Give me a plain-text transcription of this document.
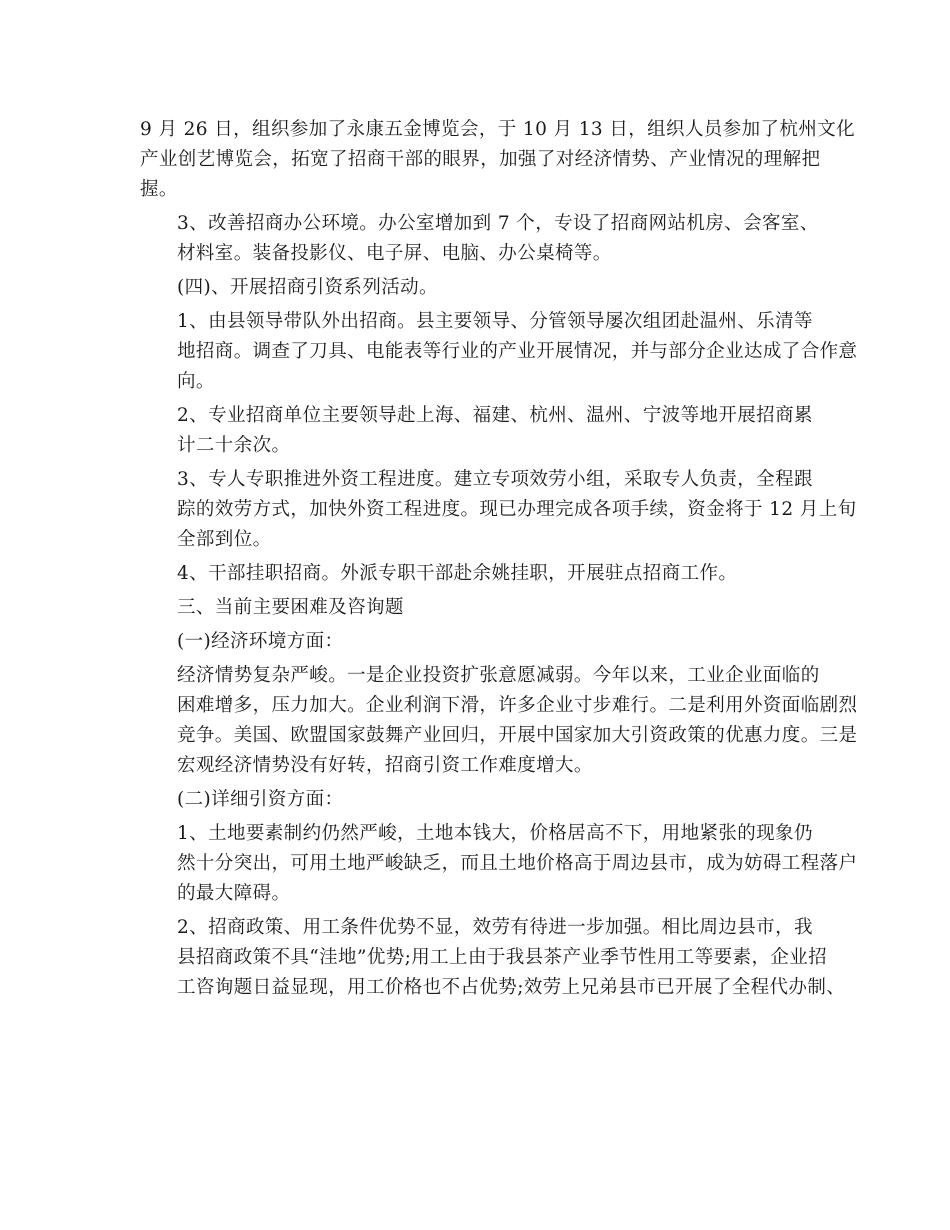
9 月 26 日，组织参加了永康五金博览会，于 10 月 13 日，组织人员参加了杭州文化
产业创艺博览会，拓宽了招商干部的眼界，加强了对经济情势、产业情况的理解把
握。
3、改善招商办公环境。办公室增加到 7 个，专设了招商网站机房、会客室、
材料室。装备投影仪、电子屏、电脑、办公桌椅等。
(四)、开展招商引资系列活动。
1、由县领导带队外出招商。县主要领导、分管领导屡次组团赴温州、乐清等
地招商。调查了刀具、电能表等行业的产业开展情况，并与部分企业达成了合作意
向。
2、专业招商单位主要领导赴上海、福建、杭州、温州、宁波等地开展招商累
计二十余次。
3、专人专职推进外资工程进度。建立专项效劳小组，采取专人负责，全程跟
踪的效劳方式，加快外资工程进度。现已办理完成各项手续，资金将于 12 月上旬
全部到位。
4、干部挂职招商。外派专职干部赴余姚挂职，开展驻点招商工作。
三、当前主要困难及咨询题
(一)经济环境方面：
经济情势复杂严峻。一是企业投资扩张意愿减弱。今年以来，工业企业面临的
困难增多，压力加大。企业利润下滑，许多企业寸步难行。二是利用外资面临剧烈
竞争。美国、欧盟国家鼓舞产业回归，开展中国家加大引资政策的优惠力度。三是
宏观经济情势没有好转，招商引资工作难度增大。
(二)详细引资方面：
1、土地要素制约仍然严峻，土地本钱大，价格居高不下，用地紧张的现象仍
然十分突出，可用土地严峻缺乏，而且土地价格高于周边县市，成为妨碍工程落户
的最大障碍。
2、招商政策、用工条件优势不显，效劳有待进一步加强。相比周边县市，我
县招商政策不具“洼地”优势;用工上由于我县茶产业季节性用工等要素，企业招
工咨询题日益显现，用工价格也不占优势;效劳上兄弟县市已开展了全程代办制、
